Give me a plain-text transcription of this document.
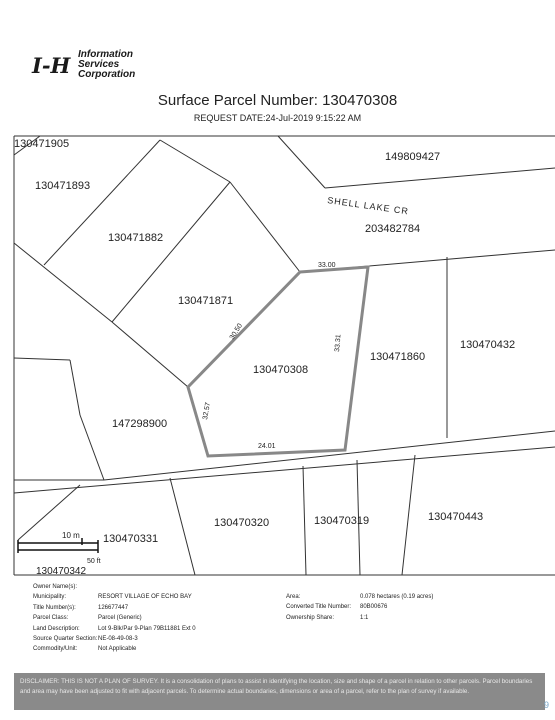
I-H Information
Services
Corporation
Surface Parcel Number: 130470308
REQUEST DATE:24-Jul-2019 9:15:22 AM
130471905
149809427
130471893
130471882
203482784
130471871
130471860
130470432
130470308
147298900
130470320	130470319	130470443
130470331
130470342
SHELL LAKE CR
33.00
33.31
24.01
32.57
30.50
10 m
50 ft
Owner Name(s):
Municipality:	RESORT VILLAGE OF ECHO BAY
Title Number(s):	126677447
Parcel Class:	Parcel (Generic)
Land Description:	Lot 9-Blk/Par 9-Plan 79B11881 Ext 0
Source Quarter Section: NE-08-49-08-3
Commodity/Unit:	Not Applicable
Area:	0.078 hectares (0.19 acres)
Converted Title Number:	80B00676
Ownership Share:	1:1
DISCLAIMER: THIS IS NOT A PLAN OF SURVEY. It is a consolidation of plans to assist in identifying the location, size and shape of a parcel in relation to other parcels. Parcel boundaries and area may have been adjusted to fit with adjacent parcels. To determine actual boundaries, dimensions or area of a parcel, refer to the plan of survey if available.
9
